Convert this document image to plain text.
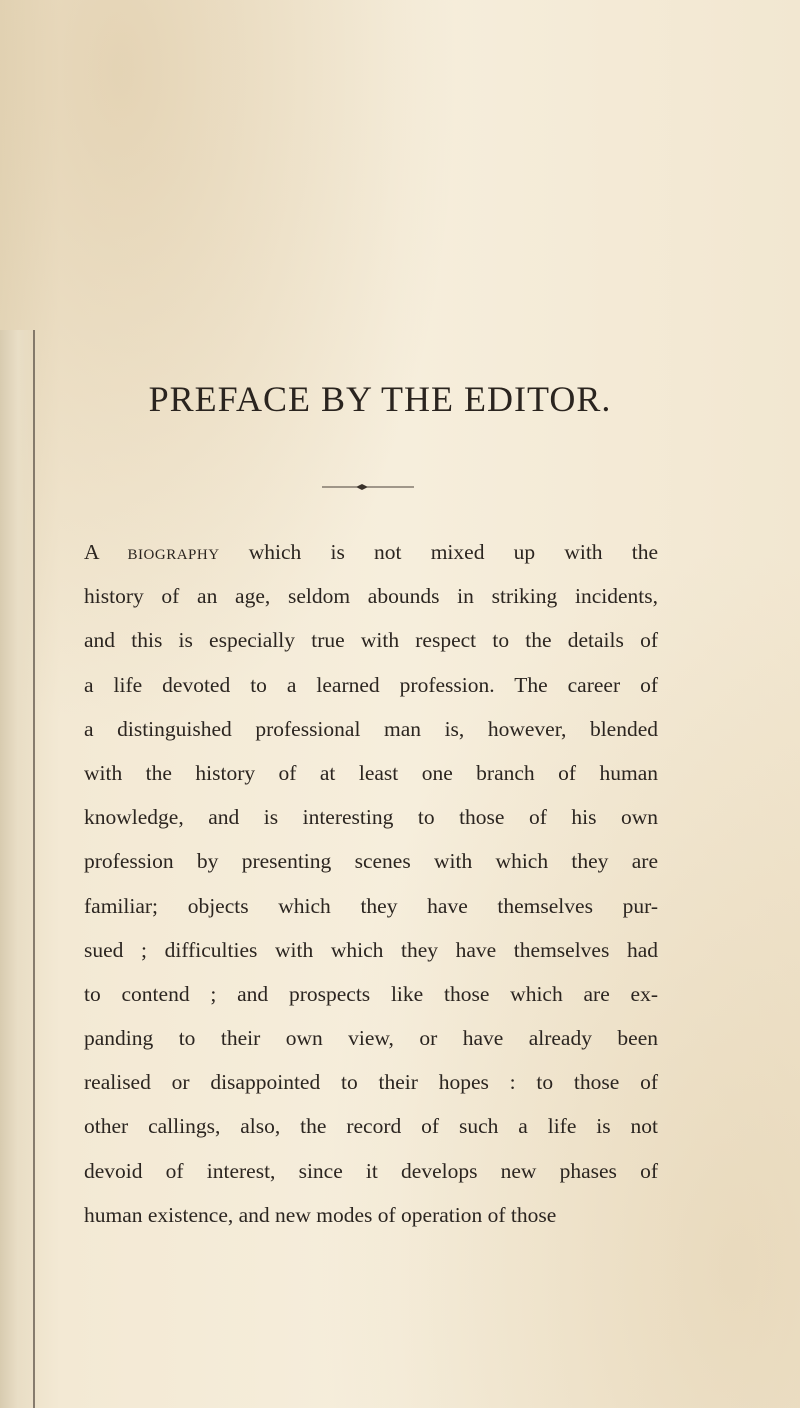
PREFACE BY THE EDITOR.
A biography which is not mixed up with the
history of an age, seldom abounds in striking incidents,
and this is especially true with respect to the details of
a life devoted to a learned profession. The career of
a distinguished professional man is, however, blended
with the history of at least one branch of human
knowledge, and is interesting to those of his own
profession by presenting scenes with which they are
familiar; objects which they have themselves pur-
sued ; difficulties with which they have themselves had
to contend ; and prospects like those which are ex-
panding to their own view, or have already been
realised or disappointed to their hopes : to those of
other callings, also, the record of such a life is not
devoid of interest, since it develops new phases of
human existence, and new modes of operation of those
